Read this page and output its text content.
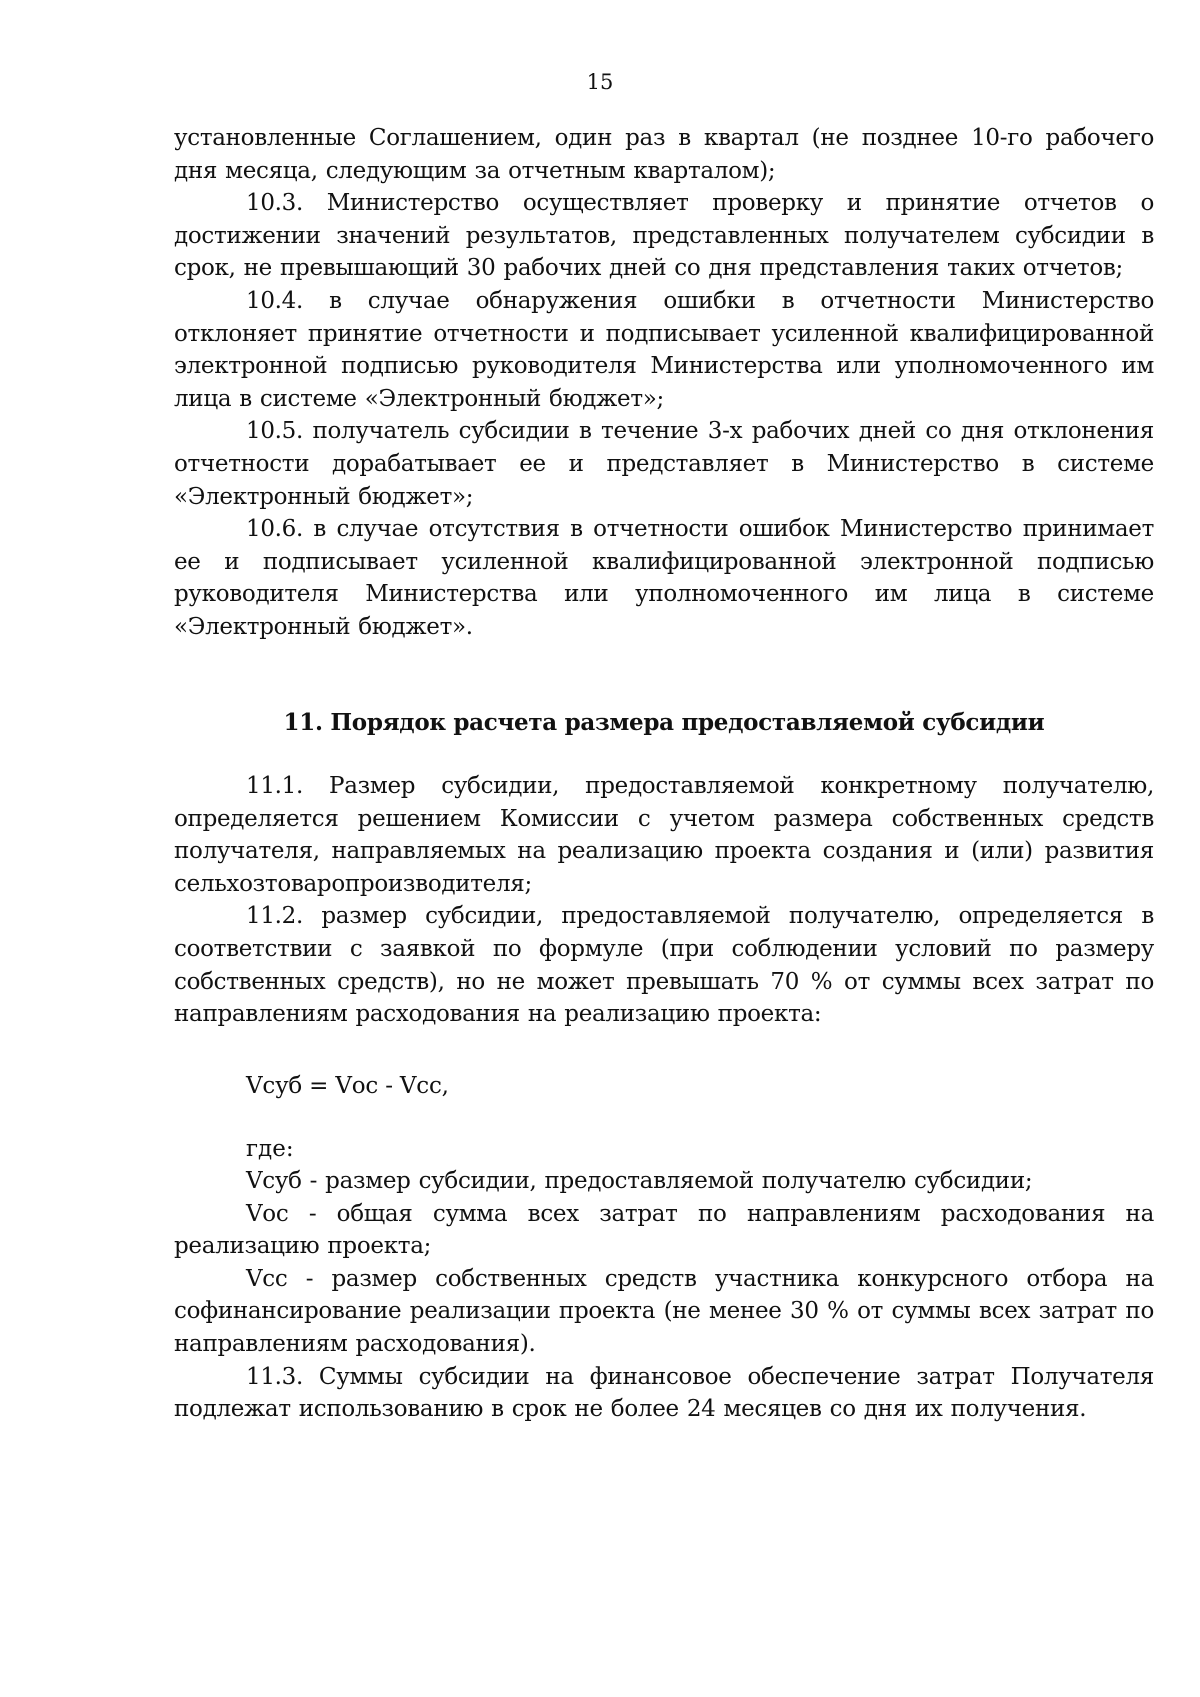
15

установленные Соглашением, один раз в квартал (не позднее 10-го рабочего дня месяца, следующим за отчетным кварталом);

10.3. Министерство осуществляет проверку и принятие отчетов о достижении значений результатов, представленных получателем субсидии в срок, не превышающий 30 рабочих дней со дня представления таких отчетов;

10.4. в случае обнаружения ошибки в отчетности Министерство отклоняет принятие отчетности и подписывает усиленной квалифицированной электронной подписью руководителя Министерства или уполномоченного им лица в системе «Электронный бюджет»;

10.5. получатель субсидии в течение 3-х рабочих дней со дня отклонения отчетности дорабатывает ее и представляет в Министерство в системе «Электронный бюджет»;

10.6. в случае отсутствия в отчетности ошибок Министерство принимает ее и подписывает усиленной квалифицированной электронной подписью руководителя Министерства или уполномоченного им лица в системе «Электронный бюджет».

11. Порядок расчета размера предоставляемой субсидии

11.1. Размер субсидии, предоставляемой конкретному получателю, определяется решением Комиссии с учетом размера собственных средств получателя, направляемых на реализацию проекта создания и (или) развития сельхозтоваропроизводителя;

11.2. размер субсидии, предоставляемой получателю, определяется в соответствии с заявкой по формуле (при соблюдении условий по размеру собственных средств), но не может превышать 70 % от суммы всех затрат по направлениям расходования на реализацию проекта:

Vсуб = Vос - Vсс,
где:

Vсуб - размер субсидии, предоставляемой получателю субсидии;

Vос - общая сумма всех затрат по направлениям расходования на реализацию проекта;

Vсс - размер собственных средств участника конкурсного отбора на софинансирование реализации проекта (не менее 30 % от суммы всех затрат по направлениям расходования).

11.3. Суммы субсидии на финансовое обеспечение затрат Получателя подлежат использованию в срок не более 24 месяцев со дня их получения.
